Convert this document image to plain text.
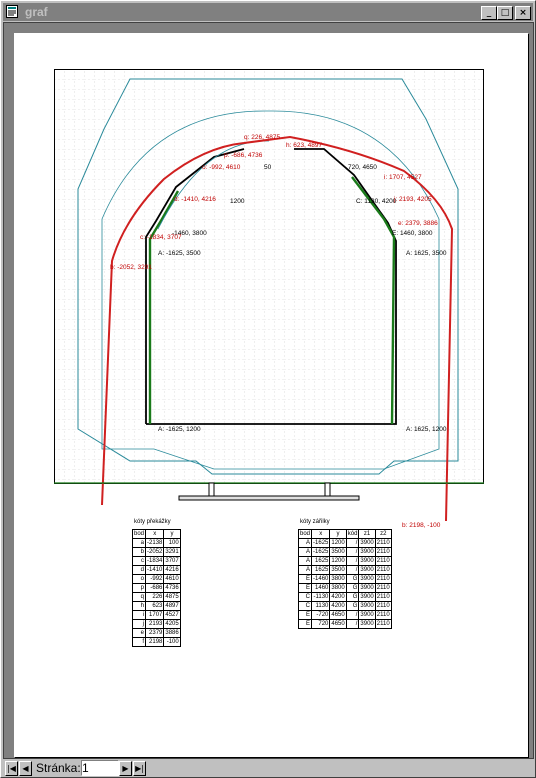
graf	_	□	×
q: 226, 4875
h: 623, 4897
p: -686, 4736
o: -992, 4610	50	720, 4650
i: 1707, 4527
d: -1410, 4216 1200	C: 1130, 4200
j: 2193, 4205
e: 2379, 3886
-1460, 3800	E: 1460, 3800
c: -1834, 3707
A: -1625, 3500	A: 1625, 3500
b: -2052, 3291
A: -1625, 1200	A: 1625, 1200
b: 2198, -100
kóty překážky
bod	x	y
a	-2138	100
b	-2052	3291
c	-1834	3707
d	-1410	4216
o	-992	4610
p	-686	4736
q	226	4875
h	623	4897
i	1707	4527
j	2193	4205
e	2379	3886
f	2198	-100
kóty zářilky
bod	x	y	kód	z1	z2
A	-1625	1200	/	3900	2110
A	-1625	3500	/	3900	2110
A	1625	1200	/	3900	2110
A	1625	3500	/	3900	2110
E	-1460	3800	G	3900	2110
E	1460	3800	G	3900	2110
C	-1130	4200	G	3900	2110
C	1130	4200	G	3900	2110
E	-720	4650	/	3900	2110
E	720	4650	/	3900	2110
|◀ ◀ Stránka: 1	▶ ▶|
